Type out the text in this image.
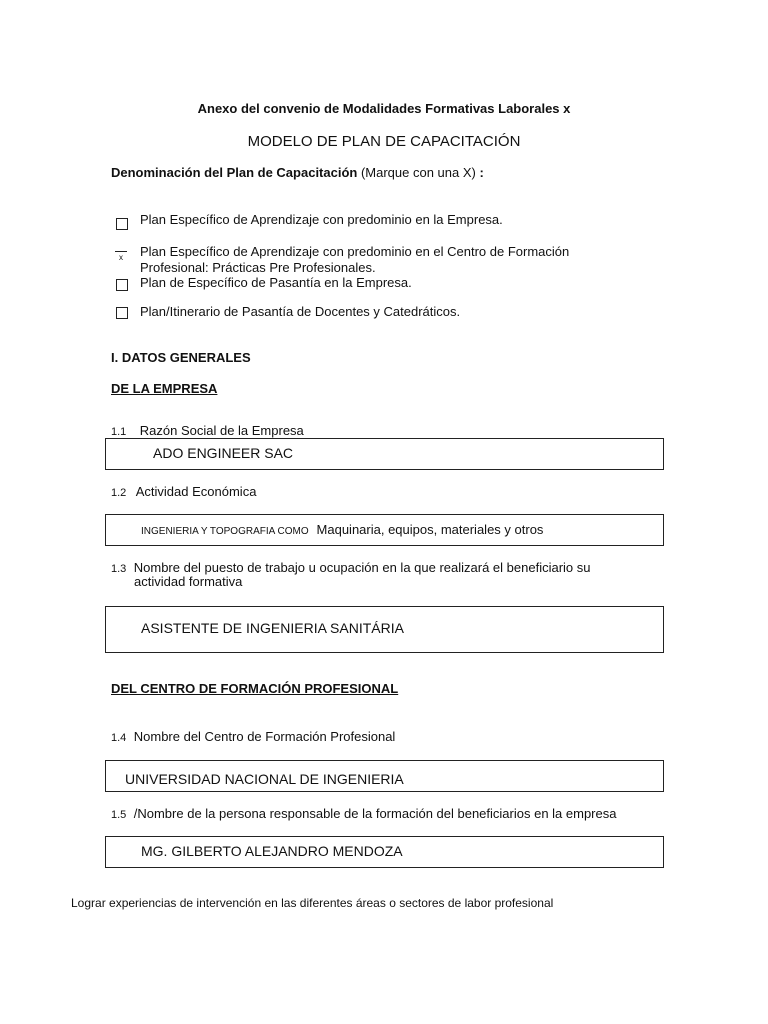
Anexo del convenio de Modalidades Formativas Laborales x
MODELO DE PLAN DE CAPACITACIÓN
Denominación del Plan de Capacitación (Marque con una X) :
Plan Específico de Aprendizaje con predominio en la Empresa.
x	Plan Específico de Aprendizaje con predominio en el Centro de Formación
Profesional: Prácticas Pre Profesionales.
Plan de Específico de Pasantía en la Empresa.
Plan/Itinerario de Pasantía de Docentes y Catedráticos.
I. DATOS GENERALES
DE LA EMPRESA
1.1 Razón Social de la Empresa
ADO ENGINEER SAC
1.2 Actividad Económica
INGENIERIA Y TOPOGRAFIA COMO Maquinaria, equipos, materiales y otros
1.3 Nombre del puesto de trabajo u ocupación en la que realizará el beneficiario su
actividad formativa
ASISTENTE DE INGENIERIA SANITÁRIA
DEL CENTRO DE FORMACIÓN PROFESIONAL
1.4 Nombre del Centro de Formación Profesional
UNIVERSIDAD NACIONAL DE INGENIERIA
1.5 /Nombre de la persona responsable de la formación del beneficiarios en la empresa
MG. GILBERTO ALEJANDRO MENDOZA
Lograr experiencias de intervención en las diferentes áreas o sectores de labor profesional
